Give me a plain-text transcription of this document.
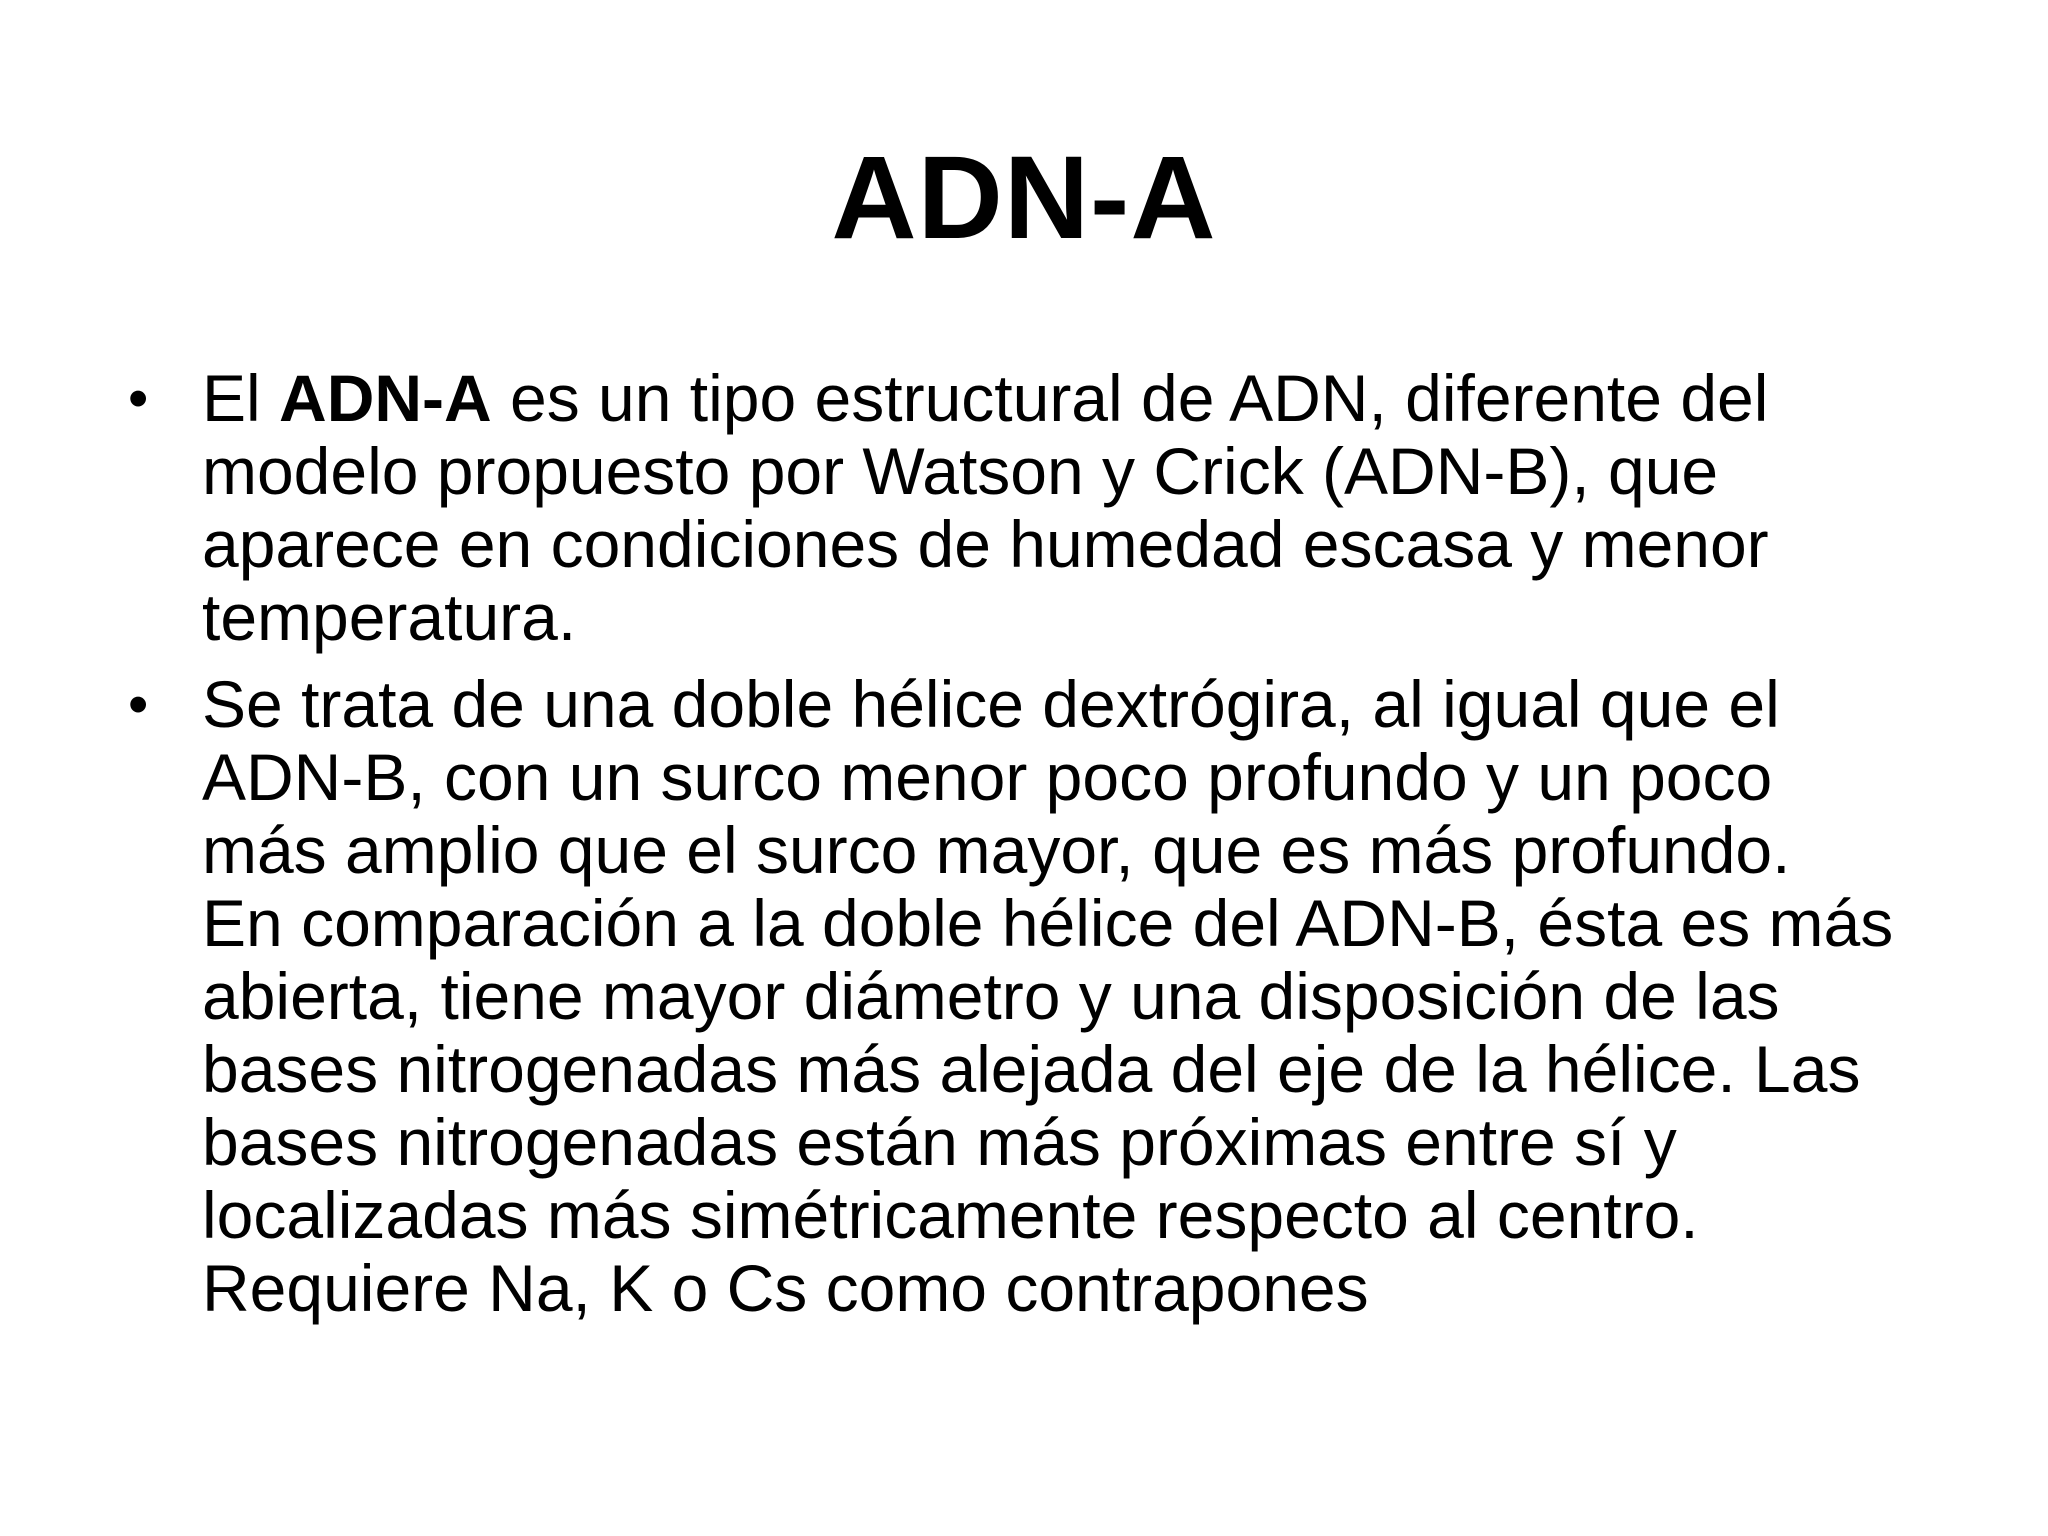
ADN-A
• El ADN-A es un tipo estructural de ADN, diferente del
modelo propuesto por Watson y Crick (ADN-B), que
aparece en condiciones de humedad escasa y menor
temperatura.
• Se trata de una doble hélice dextrógira, al igual que el
ADN-B, con un surco menor poco profundo y un poco
más amplio que el surco mayor, que es más profundo.
En comparación a la doble hélice del ADN-B, ésta es más
abierta, tiene mayor diámetro y una disposición de las
bases nitrogenadas más alejada del eje de la hélice. Las
bases nitrogenadas están más próximas entre sí y
localizadas más simétricamente respecto al centro.
Requiere Na, K o Cs como contrapones
